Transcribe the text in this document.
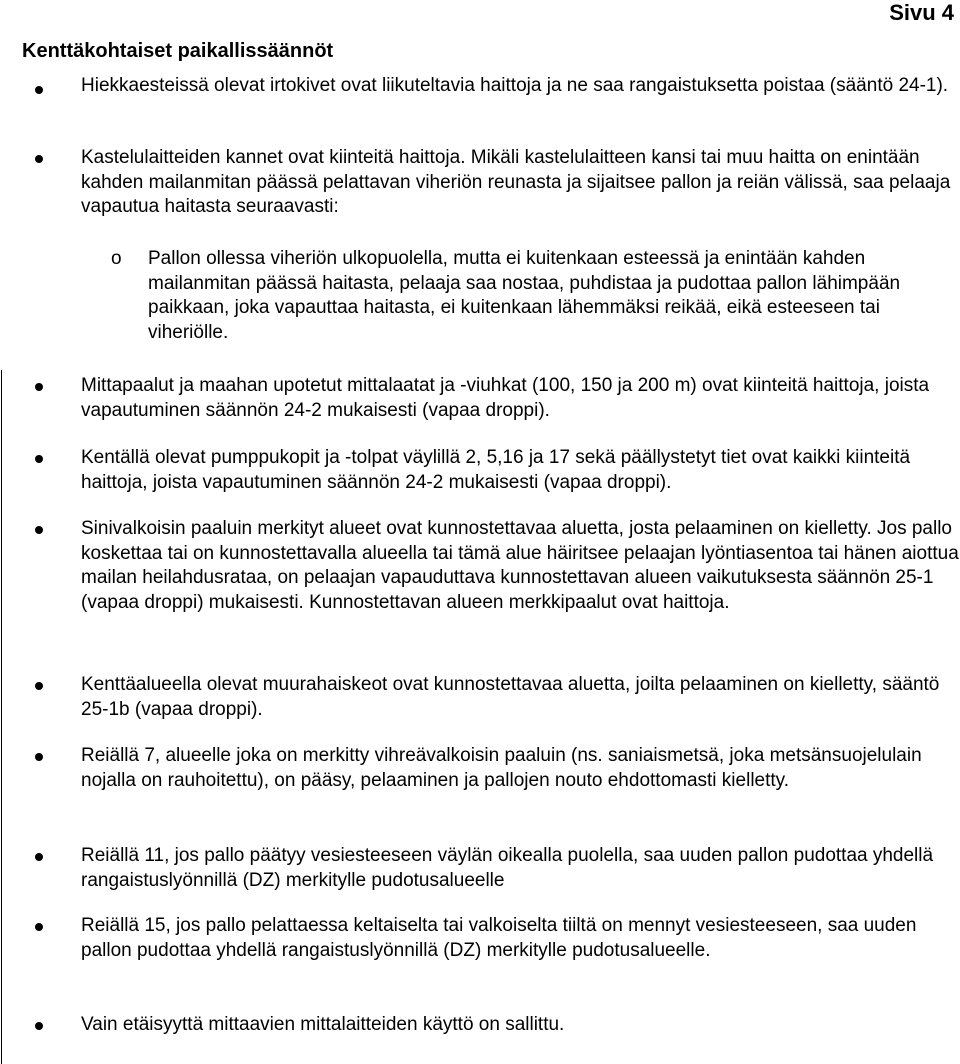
Sivu 4
Kenttäkohtaiset paikallissäännöt
Hiekkaesteissä olevat irtokivet ovat liikuteltavia haittoja ja ne saa rangaistuksetta poistaa (sääntö 24-1).
Kastelulaitteiden kannet ovat kiinteitä haittoja. Mikäli kastelulaitteen kansi tai muu haitta on enintään kahden mailanmitan päässä pelattavan viheriön reunasta ja sijaitsee pallon ja reiän välissä, saa pelaaja vapautua haitasta seuraavasti:
o Pallon ollessa viheriön ulkopuolella, mutta ei kuitenkaan esteessä ja enintään kahden mailanmitan päässä haitasta, pelaaja saa nostaa, puhdistaa ja pudottaa pallon lähimpään paikkaan, joka vapauttaa haitasta, ei kuitenkaan lähemmäksi reikää, eikä esteeseen tai viheriölle.
Mittapaalut ja maahan upotetut mittalaatat ja -viuhkat (100, 150 ja 200 m) ovat kiinteitä haittoja, joista vapautuminen säännön 24-2 mukaisesti (vapaa droppi).
Kentällä olevat pumppukopit ja -tolpat väylillä 2, 5,16 ja 17 sekä päällystetyt tiet ovat kaikki kiinteitä haittoja, joista vapautuminen säännön 24-2 mukaisesti (vapaa droppi).
Sinivalkoisin paaluin merkityt alueet ovat kunnostettavaa aluetta, josta pelaaminen on kielletty. Jos pallo koskettaa tai on kunnostettavalla alueella tai tämä alue häiritsee pelaajan lyöntiasentoa tai hänen aiottua mailan heilahdusrataa, on pelaajan vapauduttava kunnostettavan alueen vaikutuksesta säännön 25-1 (vapaa droppi) mukaisesti. Kunnostettavan alueen merkkipaalut ovat haittoja.
Kenttäalueella olevat muurahaiskeot ovat kunnostettavaa aluetta, joilta pelaaminen on kielletty, sääntö 25-1b (vapaa droppi).
Reiällä 7, alueelle joka on merkitty vihreävalkoisin paaluin (ns. saniaismetsä, joka metsänsuojelulain nojalla on rauhoitettu), on pääsy, pelaaminen ja pallojen nouto ehdottomasti kielletty.
Reiällä 11, jos pallo päätyy vesiesteeseen väylän oikealla puolella, saa uuden pallon pudottaa yhdellä rangaistuslyönnillä (DZ) merkitylle pudotusalueelle
Reiällä 15, jos pallo pelattaessa keltaiselta tai valkoiselta tiiltä on mennyt vesiesteeseen, saa uuden pallon pudottaa yhdellä rangaistuslyönnillä (DZ) merkitylle pudotusalueelle.
Vain etäisyyttä mittaavien mittalaitteiden käyttö on sallittu.
